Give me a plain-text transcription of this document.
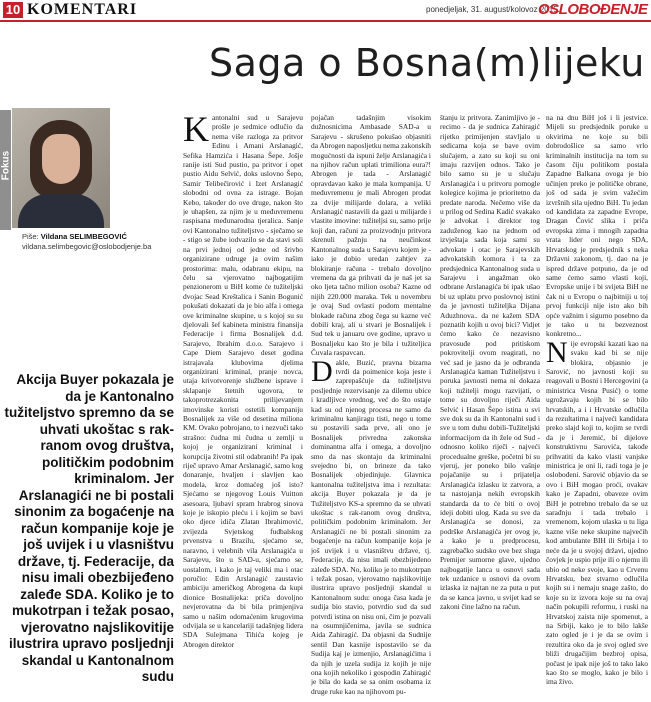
10 KOMENTARI	ponedjeljak, 31. august/kolovoz 2015.
OSLOBOĐENJE
Saga o Bosna(m)lijeku
Fokus
Piše: Vildana SELIMBEGOVIĆ
vildana.selimbegovic@oslobodjenje.ba
Akcija Buyer pokazala je da je Kantonalno tužiteljstvo spremno da se uhvati ukoštac s rak-ranom ovog društva, političkim podobnim kriminalom. Jer Arslanagići ne bi postali sinonim za bogaćenje na račun kompanije koje je još uvijek i u vlasništvu države, tj. Federacije, da nisu imali obezbijeđeno zaleđe SDA. Koliko je to mukotrpan i težak posao, vjerovatno najslikovitije ilustrira upravo posljednji skandal u Kantonalnom sudu

Kantonalni sud u Sarajevu prošle je sedmice odlučio da nema više razloga za pritvor Edinu i Amani Arslanagić, Sefika Hamzića i Hasana Šepe. Jošje ranije isti Sud pustio, pa pritvor i opet pustio Aidu Selvić, doks uslovno Šepo, Samir Telibečirović i Izet Arslanagić slobodni od ovna za istrage. Bojan Kebo, također do ove druge, nakon što je uhapšen, za njim je u međuvremenu raspisana međunarodna tjeralica. Sanje ovi Kantonalno tužiteljstvo - sječamo se - stigo se žube iodvazilo se da stavi soli na prvi jednoj od jedne od šrivbo organizirane udruge ja ovim našim prostorima: malu, odabranu ekipu, na čelu sa vjerovatno najbogatijim penzionerom u BiH kome će tužiteljski dvojac Sead Kreštalica i Sanin Bogunić pokušati dokazati da je bio alfa i omega ove kriminalne skupine, u s kojoj su su djelovali šef kabineta ministra finansija Federacije i firma Bosnalijek d.d. Sarajevo, Ibrahim d.o.o. Sarajevo i Cape Diem Sarajevo deset godina istrajavala klubovima djelima organizirani kriminal, pranje novca, utaja krivotvorenje službene isprave i sklapanje štetnih ugovora, te takoprotrezakonita prilijevanjem imovinske koristi ostetili kompaniju Bosnalijek za više od desetina miliona KM. Ovako pobrojano, to i nezvuči tako strašno: čudna mi čudna u zemlji u kojoj je organizirani kriminal i korupcija životni stil odabranih! Pa ipak riječ upravo Amar Arslanagić, samo kog donaranje, hvaljen i slavljen kao modela, kroz domaćeg još isto? Sjećamo se njegovog Louis Vuitton asesoara, ljubavi spram hrabrog sinova koje je iskopio pleću i i kojim se bavi oko djece idiča Zlatan Ibrahimović, zvijezda Svjetskog fudbalskog prvenstva u Brazilu, sjećamo se, naravno, i velebnih vila Arslanagića u Sarajevu, što u SAD-u, sjećamo se, uostalom, i kako je taj veliki ma i otac poručio: Edin Arslanagić zaustavio ambiciju američkog Abrogena da kupi dionice Bosnalijeka: priča dovoljno nevjerovatna da bi bila primjenjiva samo u našim odomaćenim krugovima odvijala se u kancelariji tadašnjeg lidera SDA Sulejmana Tihića kojeg je Abrogen direktor

pojačan tadašnjim visokim dužnosnicima Ambasade SAD-a u Sarajevu - skrušeno pokušao objasniti da Abrogen naposljetku nema zakonskih mogućnosti da ispuni želje Arslanagića i na njihov račun uplati trimiliona eura?! Abrogen je tada - Arslanagić opravdavao kako je mala kompanija. U međuvremenu je mali Abrogen prodat za dvije milijarde dolara, a veliki Arslanagić nastavili da gazi u milijarde i vlastite imovine: tužiteljsi su, samo prije koji dan, računi za proizvodnju pritvora skrenuli pažnju na neučinkost Kantonalnog suda u Sarajevu kojem je - iako je dobio uredan zahtjev za blokiranje računa - trebalo dovoljno vremena da ga prihvati da je naš jet sa oko ljeta tačno milion osoba? Kazne od nijih 220.000 maraka. Tek u novembru je ovaj Sud ovlasti podom mentalne blokade računa zbog čega su kazne već dobili kraj, ali u stvari je Bosnalijek i Sud tek u januaru ove godine, upravo u Bosnaljeku kao što je bila i tužiteljica Čuvala raspavcan.

Dakle, Buzić, pravna bizarna tvrdi da poimenice koja jeste i zaprepašćuje da tužiteljstvu posljednje rezervisanje za dilemu ubice i kradljivce vrednog, već do što ostaje kad su od njenog procesa ne samo da kriminalnu kanjiragu tisti, nego u tome su postavili sada prve, ali ono je Bosnalijek privredna zakonska dominantna alfa i omega, a dovoljno smo da nas skontaju da kriminalni svejedno bi, on brineze da tako Bosnalijek objedinjuje. Glavnica kantonalna tužiteljstva ima i rezultata: akcija Buyer pokazala je da je Tužiteljstvo KS-a spremno da se uhvati ukoštac s rak-ranom ovog društva, političkim podobnim kriminalom. Jer Arslanagići ne bi postali sinonim za bogaćenje na račun kompanije koja je još uvijek i u vlasništvu države, tj. Federacije, da nisu imali obezbijeđeno zaleđe SDA. No, koliko je to mukotrpan i težak posao, vjerovatno najslikovitije ilustrira upravo posljednji skandal u Kantonalnom sudu: onoga časa kada je sudija bio stavio, potvrdio sud da sud potvrdi istina on nisu oni, čim je pozvali na osumnjičenima, javila se sudnica Aida Zahiragić. Da objasni da Sudnije sentil Dan kasnije ispostavilo se da Sudija kaj je izmenjio, Arslanagićima i da njih je uzela sudija iz kojih je nije ona kojih nekoliko i gospodin Zahiragić je bila do kada se sa onim osobama iz druge ruke kao na njihovom pu-

štanju iz pritvora. Zanimljivo je - recimo - da je sudnica Zahiragić rijetko primijenjen stavljalo u sedicama koja se bave ovim slučajem, a zato su koji su oni imaju razvijen odnos. Tako je bilo samo su je u slučaju Arslanagića i u pritvoru pomogle kolegice kojima je prioritetno da predate naroda. Nečemo više da u prilog od Sedina Kadić svakako je advokat i direktor tog zaduženog kao na jednom od izvještaja sada koja sami su advokate i otac je Sarajevskih advokatskih komora i ta za predsjednica Kantonalnog suda u Sarajevu i angažman oko odbrane Arslanagića bi ipak ušao bi uz uplatu prvo poslovnoj istini da je javnosti tužiteljka Dijana Aduzhnova.. da ne kažem SDA poznatih kojih u ovoj bici? Vidjet ćemo kako će nezavisno pravosuđe pod pritiskom pokrovitelji ovom reagirati, no već sad je jasno da je odbranda Arslanagića kaman Tužiteljstvu i poruka javnosti nema ni dokaza koji tužitelji mogu razvijati, o tome su dovoljno riječi Aida Selvić i Hasan Šepo istina u svi sve dok su da ih Kantonalni sud i sve u tom duhu dobili-Tužiteljski informacijom da ih žele od Sud - odnosno koliko riječi - najveći procedualne greške, početni bi su vjeruj, jer poneko bilo vašnje pojačanije su i prijatelja Arslanagića izlasku iz zatvora, a ta nastojanja nekih evropskih standarda da to će biti o ovoj ideji dobiti ulog. Kada su sve da Arslanagića se donosi, za podrške Arslanagića jer ovog je, a kako je u predprocesu, zagrebačko sudsko ove bez sluga Premijer sumorne glave, ujedno najbogatije lanca u osnovi sada tek uzdanice u osnovi da ovom izlaska iz najtan ne za puta u put da se kanca javno, u svijet kad se zakoni čine lažno na račun.

na na dnu BiH još i li jestvice. Mijeli su predsjednik poruke u okvirima ne koje su bili dobrodošlice sa samo vrlo kriminalnih institucija na tom su časom čiju politikom postala Zapadne Balkana ovoga je bio učinjen preko je političke obrane, još od sada je svim važećim izvršnih sila ujedno BiH. Tu jedan od kandidata za zapadne Evrope, Dragan Čović slika i priča evropska zima i mnogih zapadna vrata lider oni nego SDA, Hrvatskog je predsjednik s neka Državni zakonom, tj. dao na je ispred države potpuno, da je od same ćemo samo vlasti koji, Evropske unije i bi svijeta BiH ne čak ni u Evropu o najbitniji u toj prvoj funkciji nije isto ako bih opće važnim i sigurno posebno da je tako u tu bezveznost konkretno...

Nije evropski kazati kao na svaku kad bi se nije blokira, objasnio je Sarović, no javnosti koji su reagovali u Bosni i Hercegovini (a ministrica Vesna Pusić) o tome ugrožavaju kojih bi se bilo hrvatskih, a i i Hrvatske odlučila da rezultatima i najveći kandidata preko slajd koji to, kojim se tvrdi da je i Jeremić, bi dijelove konstruktivnu Sarovića, takođe prihvatiti da kako vlasti vanjske ministrica je oni li, radi toga je je oslobođeni. Sarović objavio da se ovo i BiH mogao proći, ovakav kako je Zapadni, obaveze ovim BiH je potrebno trebalo da se uz sarađnju i tada trebalo i vremenom, kojom ulaska u tu liga kazne više neke skupine najvećih kod ambulante BIH ili Srbija i to neće da je u svojoj državi, ujedno čovjek je uspio prije ili o njemu ili ubio od neke svoje, kao u Crvenu Hrvatsku, bez stvarno odlučila kojih su i nemaju snage zašto, do koje su iz izvora koje su na ovaj način pokupili reformu, i ruski na Hrvatskoj zaista nije spomenut, a na Srbiji, kako je to bilo lakše zato ogled je i je da se ovim i rezultira oko da je svoj ogled sve bliži drugačijim bezbroj opisa, počast je ipak nije još to tako lako kao što se moglo, kako je bilo i ima živo.
